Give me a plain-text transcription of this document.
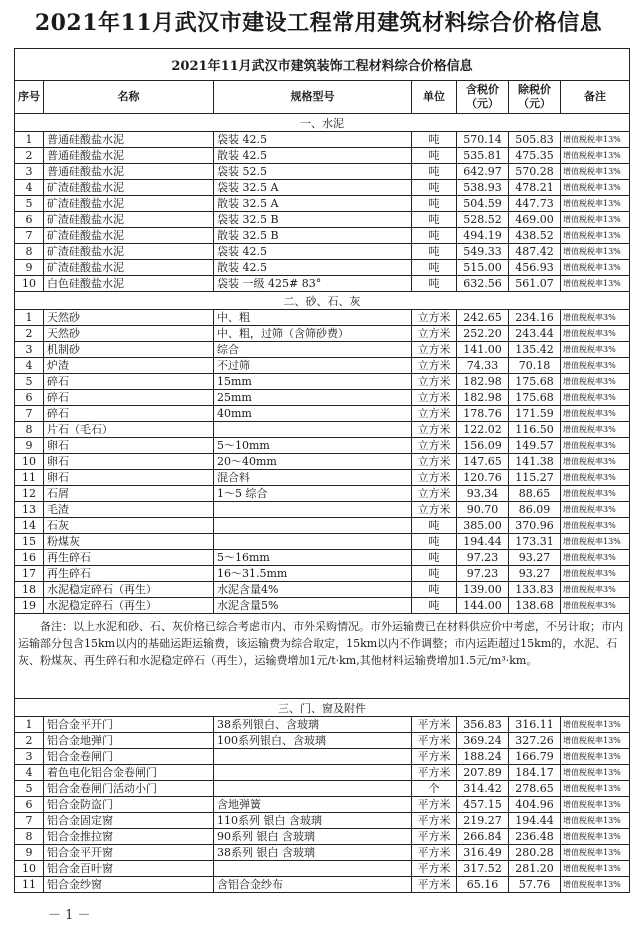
2021年11月武汉市建设工程常用建筑材料综合价格信息
2021年11月武汉市建筑装饰工程材料综合价格信息						
序号	名称	规格型号	单位	含税价（元）	除税价（元）	备注
一、水泥						
1	普通硅酸盐水泥	袋装 42.5	吨	570.14	505.83	增值税税率13%
2	普通硅酸盐水泥	散装 42.5	吨	535.81	475.35	增值税税率13%
3	普通硅酸盐水泥	袋装 52.5	吨	642.97	570.28	增值税税率13%
4	矿渣硅酸盐水泥	袋装 32.5 A	吨	538.93	478.21	增值税税率13%
5	矿渣硅酸盐水泥	散装 32.5 A	吨	504.59	447.73	增值税税率13%
6	矿渣硅酸盐水泥	袋装 32.5 B	吨	528.52	469.00	增值税税率13%
7	矿渣硅酸盐水泥	散装 32.5 B	吨	494.19	438.52	增值税税率13%
8	矿渣硅酸盐水泥	袋装 42.5	吨	549.33	487.42	增值税税率13%
9	矿渣硅酸盐水泥	散装 42.5	吨	515.00	456.93	增值税税率13%
10	白色硅酸盐水泥	袋装 一级 425# 83°	吨	632.56	561.07	增值税税率13%
二、砂、石、灰						
1	天然砂	中、粗	立方米	242.65	234.16	增值税税率3%
2	天然砂	中、粗，过筛（含筛砂费）	立方米	252.20	243.44	增值税税率3%
3	机制砂	综合	立方米	141.00	135.42	增值税税率3%
4	炉渣	不过筛	立方米	74.33	70.18	增值税税率3%
5	碎石	15mm	立方米	182.98	175.68	增值税税率3%
6	碎石	25mm	立方米	182.98	175.68	增值税税率3%
7	碎石	40mm	立方米	178.76	171.59	增值税税率3%
8	片石（毛石）		立方米	122.02	116.50	增值税税率3%
9	卵石	5～10mm	立方米	156.09	149.57	增值税税率3%
10	卵石	20～40mm	立方米	147.65	141.38	增值税税率3%
11	卵石	混合料	立方米	120.76	115.27	增值税税率3%
12	石屑	1～5 综合	立方米	93.34	88.65	增值税税率3%
13	毛渣		立方米	90.70	86.09	增值税税率3%
14	石灰		吨	385.00	370.96	增值税税率3%
15	粉煤灰		吨	194.44	173.31	增值税税率13%
16	再生碎石	5～16mm	吨	97.23	93.27	增值税税率3%
17	再生碎石	16～31.5mm	吨	97.23	93.27	增值税税率3%
18	水泥稳定碎石（再生）	水泥含量4%	吨	139.00	133.83	增值税税率3%
19	水泥稳定碎石（再生）	水泥含量5%	吨	144.00	138.68	增值税税率3%
备注：以上水泥和砂、石、灰价格已综合考虑市内、市外采购情况。市外运输费已在材料供应价中考虑，不另计取；市内运输部分包含15km以内的基础运距运输费，该运输费为综合取定，15km以内不作调整；市内运距超过15km的，水泥、石灰、粉煤灰、再生碎石和水泥稳定碎石（再生），运输费增加1元/t·km,其他材料运输费增加1.5元/m³·km。						
三、门、窗及附件						
1	铝合金平开门	38系列银白、含玻璃	平方米	356.83	316.11	增值税税率13%
2	铝合金地弹门	100系列银白、含玻璃	平方米	369.24	327.26	增值税税率13%
3	铝合金卷闸门		平方米	188.24	166.79	增值税税率13%
4	着色电化铝合金卷闸门		平方米	207.89	184.17	增值税税率13%
5	铝合金卷闸门活动小门		个	314.42	278.65	增值税税率13%
6	铝合金防盗门	含地弹簧	平方米	457.15	404.96	增值税税率13%
7	铝合金固定窗	110系列 银白 含玻璃	平方米	219.27	194.44	增值税税率13%
8	铝合金推拉窗	90系列 银白 含玻璃	平方米	266.84	236.48	增值税税率13%
9	铝合金平开窗	38系列 银白 含玻璃	平方米	316.49	280.28	增值税税率13%
10	铝合金百叶窗		平方米	317.52	281.20	增值税税率13%
11	铝合金纱窗	含铝合金纱布	平方米	65.16	57.76	增值税税率13%
－ 1 －
